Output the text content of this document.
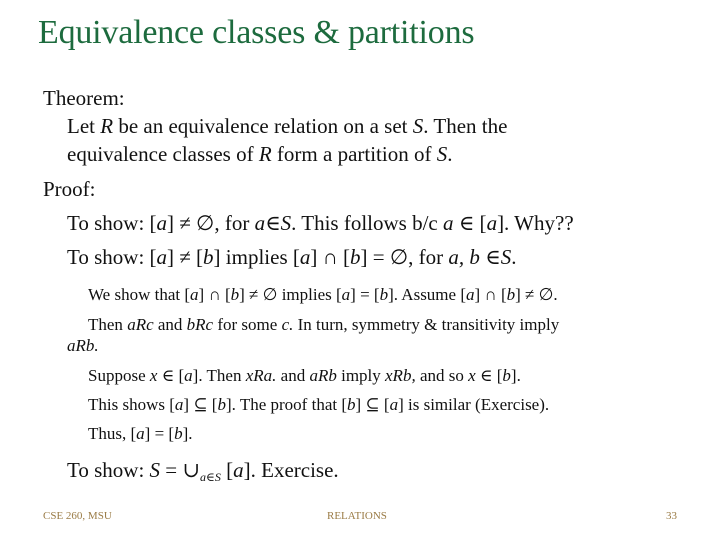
Equivalence classes & partitions
Theorem:
Let R be an equivalence relation on a set S. Then the
equivalence classes of R form a partition of S.
Proof:
To show: [a] ≠ ∅, for a∈S. This follows b/c a ∈ [a]. Why??
To show: [a] ≠ [b] implies [a] ∩ [b] = ∅, for a, b ∈S.
We show that [a] ∩ [b] ≠ ∅ implies [a] = [b]. Assume [a] ∩ [b] ≠ ∅.
Then aRc and bRc for some c. In turn, symmetry & transitivity imply
aRb.
Suppose x ∈ [a]. Then xRa. and aRb imply xRb, and so x ∈ [b].
This shows [a] ⊆ [b]. The proof that [b] ⊆ [a] is similar (Exercise).
Thus, [a] = [b].
To show: $S = \cup_{a\in S}$ [a]. Exercise.
CSE 260, MSU	RELATIONS	33
